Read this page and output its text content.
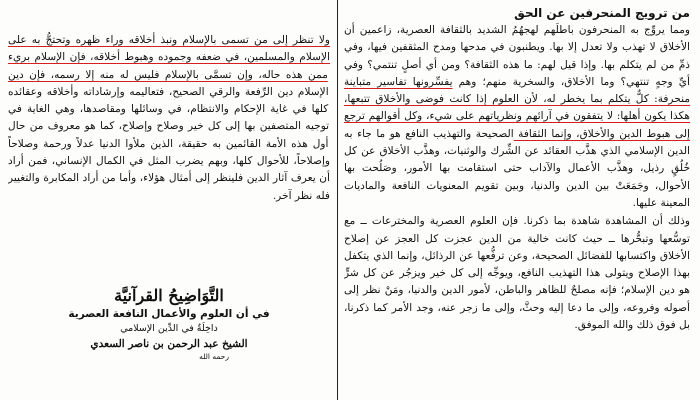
من ترويج المنحرفين عن الحق

ومما يروِّج به المنحرفون باطلَهم لهجهُمُ الشديد بالثقافة العصرية، زاعمين أن الأخلاق لا تهذب ولا تعدل إلا بها. ويطنبون في مدحها ومدح المثقفين فيها، وفي ذمِّ من لم يتكلم بها. وإذا قيل لهم: ما هذه الثقافة؟ ومن أي أصلٍ تنتمي؟ وفي أيِّ وجهٍ تنتهي؟ وما الأخلاق، والسخرية منهم؛ وهم يفسِّرونها تفاسير متباينة منحرفة: كلٌّ يتكلم بما يخطر له، لأن العلوم إذا كانت فوضى والأخلاق تتبعها، هكذا يكون أهلها: لا يتفقون في آرائهم ونظرياتهم على شيء، وكل أقوالهم ترجع إلى هبوط الدين والأخلاق، وإنما الثقافة الصحيحة والتهذيب النافع هو ما جاء به الدين الإسلامي الذي هذَّب العقائد عن الشِّرك والوثنيات، وهذَّب الأخلاق عن كل خُلُقٍ رذيل، وهذَّب الأعمال والآداب حتى استقامت بها الأمور، وصَلُحت بها الأحوال، وجَمَعَتْ بين الدين والدنيا، وبين تقويم المعنويات النافعة والماديات المعينة عليها.

وذلك أن المشاهدة شاهدة بما ذكرنا. فإن العلوم العصرية والمخترعات ــ مع توسُّعها وتبحُّرها ــ حيث كانت خالية من الدين عجزت كل العجز عن إصلاح الأخلاق واكتسابها للفضائل الصحيحة، وعن ترفُّعها عن الرذائل، وإنما الذي يتكفل بهذا الإصلاح ويتولى هذا التهذيب النافع، ويوجِّه إلى كل خير ويزجُر عن كل شرٍّ هو دين الإسلام؛ فإنه مصلحٌ للظاهر والباطن، لأمور الدين والدنيا، ومَنْ نظر إلى أصوله وفروعه، وإلى ما دعا إليه وحثَّ، وإلى ما زجر عنه، وجد الأمر كما ذكرنا، بل فوق ذلك والله الموفق.

ولا تنظر إلى من تسمى بالإسلام ونبذ أخلاقه وراء ظهره وتحتجُّ به على الإسلام والمسلمين، في ضعفه وجموده وهبوط أخلاقه، فإن الإسلام بريء ممن هذه حاله، وإن تسمَّى بالإسلام فليس له منه إلا رسمه، فإن دين الإسلام دين الرِّفعة والرقي الصحيح، فتعاليمه وإرشاداته وأخلاقه وعقائده كلها في غاية الإحكام والانتظام، في وسائلها ومقاصدها، وهي الغاية في توجيه المتصفين بها إلى كل خير وصلاح وإصلاح، كما هو معروف من حال أول هذه الأمة القائمين به حقيقة، الذين ملأوا الدنيا عدلاً ورحمة وصلاحاً وإصلاحاً، للأحوال كلها، وبهم يضرب المثل في الكمال الإنساني، فمن أراد أن يعرف آثار الدين فلينظر إلى أمثال هؤلاء، وأما من أراد المكابرة والتغيير فله نظر آخر.

التَّوَاضِيحُ القرآنيَّة
في أن العلوم والأعمال النافعة العصرية
داخِلَةٌ في الدِّين الإسلامي
الشيخ عبد الرحمن بن ناصر السعدي
رحمه الله
